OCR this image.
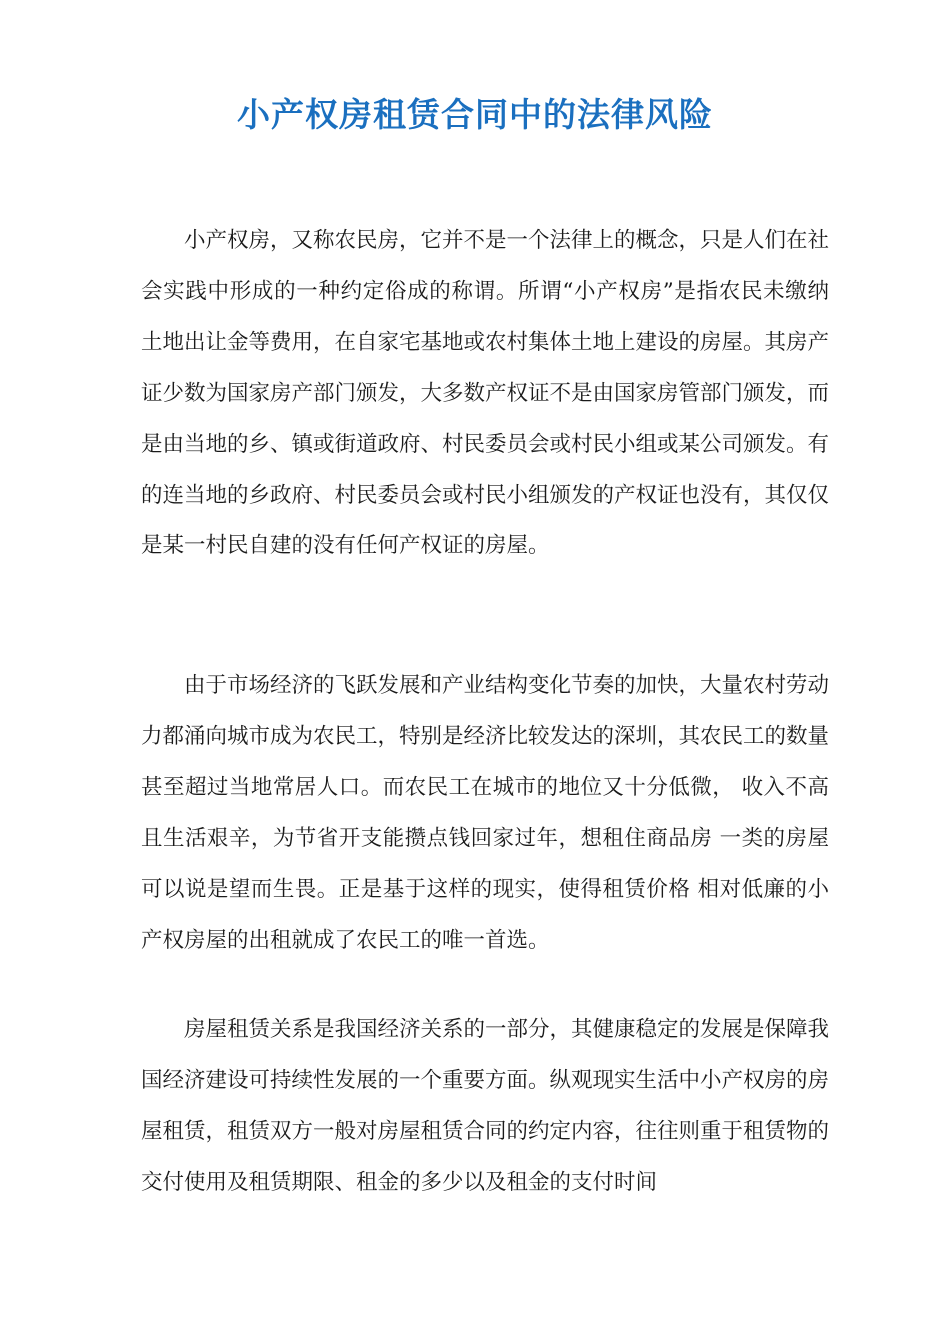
小产权房租赁合同中的法律风险

小产权房，又称农民房，它并不是一个法律上的概念，只是人们在社会实践中形成的一种约定俗成的称谓。所谓“小产权房”是指农民未缴纳土地出让金等费用，在自家宅基地或农村集体土地上建设的房屋。其房产证少数为国家房产部门颁发，大多数产权证不是由国家房管部门颁发，而是由当地的乡、镇或街道政府、村民委员会或村民小组或某公司颁发。有的连当地的乡政府、村民委员会或村民小组颁发的产权证也没有，其仅仅是某一村民自建的没有任何产权证的房屋。

由于市场经济的飞跃发展和产业结构变化节奏的加快，大量农村劳动力都涌向城市成为农民工，特别是经济比较发达的深圳，其农民工的数量甚至超过当地常居人口。而农民工在城市的地位又十分低微， 收入不高且生活艰辛，为节省开支能攒点钱回家过年，想租住商品房 一类的房屋可以说是望而生畏。正是基于这样的现实，使得租赁价格 相对低廉的小产权房屋的出租就成了农民工的唯一首选。

房屋租赁关系是我国经济关系的一部分，其健康稳定的发展是保障我国经济建设可持续性发展的一个重要方面。纵观现实生活中小产权房的房屋租赁，租赁双方一般对房屋租赁合同的约定内容，往往则重于租赁物的交付使用及租赁期限、租金的多少以及租金的支付时间
